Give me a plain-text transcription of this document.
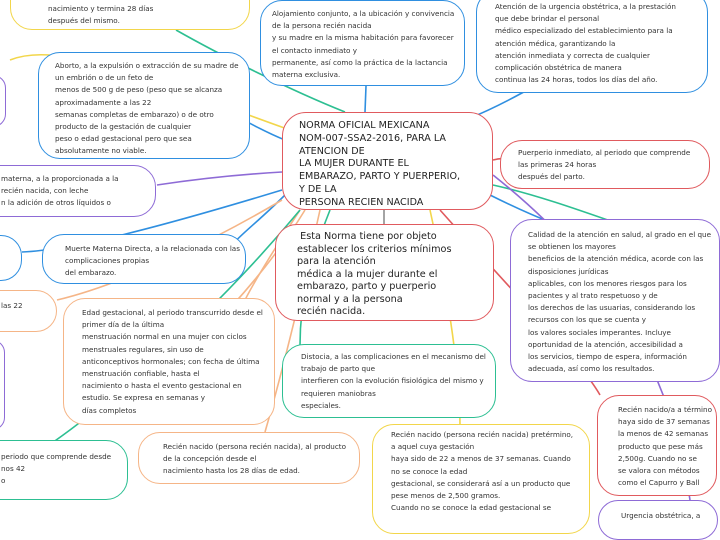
nacimiento y termina 28 días
después del mismo.

Alojamiento conjunto, a la ubicación y convivencia
de la persona recién nacida
y su madre en la misma habitación para favorecer
el contacto inmediato y
permanente, así como la práctica de la lactancia
materna exclusiva.

Atención de la urgencia obstétrica, a la prestación
que debe brindar el personal
médico especializado del establecimiento para la
atención médica, garantizando la
atención inmediata y correcta de cualquier
complicación obstétrica de manera
continua las 24 horas, todos los días del año.

Aborto, a la expulsión o extracción de su madre de
un embrión o de un feto de
menos de 500 g de peso (peso que se alcanza
aproximadamente a las 22
semanas completas de embarazo) o de otro
producto de la gestación de cualquier
peso o edad gestacional pero que sea
absolutamente no viable.

	Puerperio inmediato, al periodo que comprende
las primeras 24 horas
después del parto.

materna, a la proporcionada a la
recién nacida, con leche
n la adición de otros líquidos o

Muerte Materna Directa, a la relacionada con las
complicaciones propias
del embarazo.

Calidad de la atención en salud, al grado en el que
se obtienen los mayores
beneficios de la atención médica, acorde con las
disposiciones jurídicas
aplicables, con los menores riesgos para los
pacientes y al trato respetuoso y de
los derechos de las usuarias, considerando los
recursos con los que se cuenta y
los valores sociales imperantes. Incluye
oportunidad de la atención, accesibilidad a
los servicios, tiempo de espera, información
adecuada, así como los resultados.

las 22

Edad gestacional, al periodo transcurrido desde el
primer día de la última
menstruación normal en una mujer con ciclos
menstruales regulares, sin uso de
anticonceptivos hormonales; con fecha de última
menstruación confiable, hasta el
nacimiento o hasta el evento gestacional en
estudio. Se expresa en semanas y
días completos

Distocia, a las complicaciones en el mecanismo del
trabajo de parto que
interfieren con la evolución fisiológica del mismo y
requieren maniobras
especiales.

	Recién nacido/a a término
haya sido de 37 semanas
la menos de 42 semanas
producto que pese más
2,500g. Cuando no se
se valora con métodos
como el Capurro y Ball

periodo que comprende desde
nos 42
o

Recién nacido (persona recién nacida), al producto
de la concepción desde el
nacimiento hasta los 28 días de edad.

Recién nacido (persona recién nacida) pretérmino,
a aquel cuya gestación
haya sido de 22 a menos de 37 semanas. Cuando
no se conoce la edad
gestacional, se considerará así a un producto que
pese menos de 2,500 gramos.
Cuando no se conoce la edad gestacional se

Urgencia obstétrica, a

NORMA OFICIAL MEXICANA
NOM-007-SSA2-2016, PARA LA
ATENCION DE
LA MUJER DURANTE EL
EMBARAZO, PARTO Y PUERPERIO,
Y DE LA
PERSONA RECIEN NACIDA

Esta Norma tiene por objeto
establecer los criterios mínimos
para la atención
médica a la mujer durante el
embarazo, parto y puerperio
normal y a la persona
recién nacida.
